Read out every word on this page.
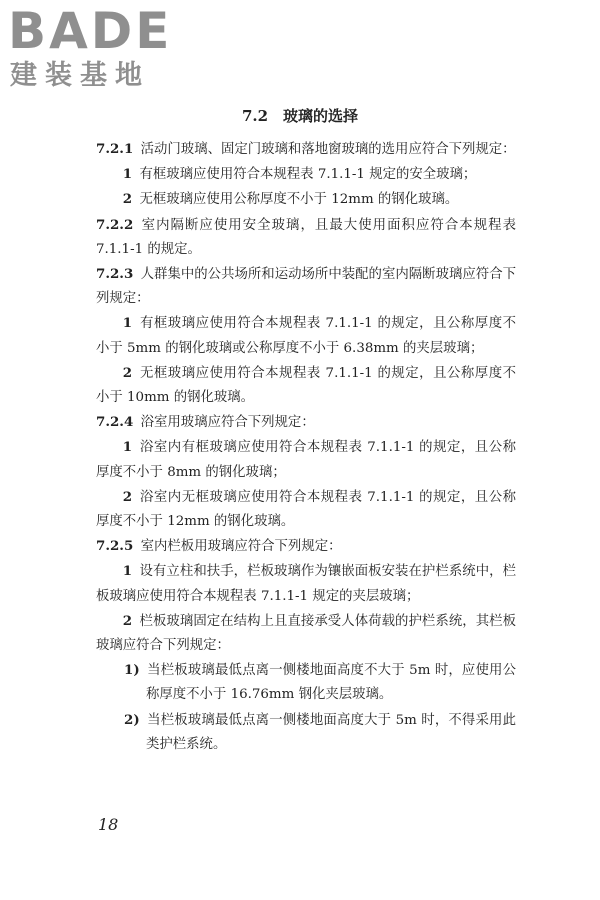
BADE
建装基地
7.2　玻璃的选择

7.2.1 活动门玻璃、固定门玻璃和落地窗玻璃的选用应符合下列规定：

1 有框玻璃应使用符合本规程表 7.1.1-1 规定的安全玻璃；

2 无框玻璃应使用公称厚度不小于 12mm 的钢化玻璃。

7.2.2 室内隔断应使用安全玻璃，且最大使用面积应符合本规程表 7.1.1-1 的规定。

7.2.3 人群集中的公共场所和运动场所中装配的室内隔断玻璃应符合下列规定：

1 有框玻璃应使用符合本规程表 7.1.1-1 的规定，且公称厚度不小于 5mm 的钢化玻璃或公称厚度不小于 6.38mm 的夹层玻璃；

2 无框玻璃应使用符合本规程表 7.1.1-1 的规定，且公称厚度不小于 10mm 的钢化玻璃。

7.2.4 浴室用玻璃应符合下列规定：

1 浴室内有框玻璃应使用符合本规程表 7.1.1-1 的规定，且公称厚度不小于 8mm 的钢化玻璃；

2 浴室内无框玻璃应使用符合本规程表 7.1.1-1 的规定，且公称厚度不小于 12mm 的钢化玻璃。

7.2.5 室内栏板用玻璃应符合下列规定：

1 设有立柱和扶手，栏板玻璃作为镶嵌面板安装在护栏系统中，栏板玻璃应使用符合本规程表 7.1.1-1 规定的夹层玻璃；

2 栏板玻璃固定在结构上且直接承受人体荷载的护栏系统，其栏板玻璃应符合下列规定：

1) 当栏板玻璃最低点离一侧楼地面高度不大于 5m 时，应使用公称厚度不小于 16.76mm 钢化夹层玻璃。

2) 当栏板玻璃最低点离一侧楼地面高度大于 5m 时，不得采用此类护栏系统。

18
